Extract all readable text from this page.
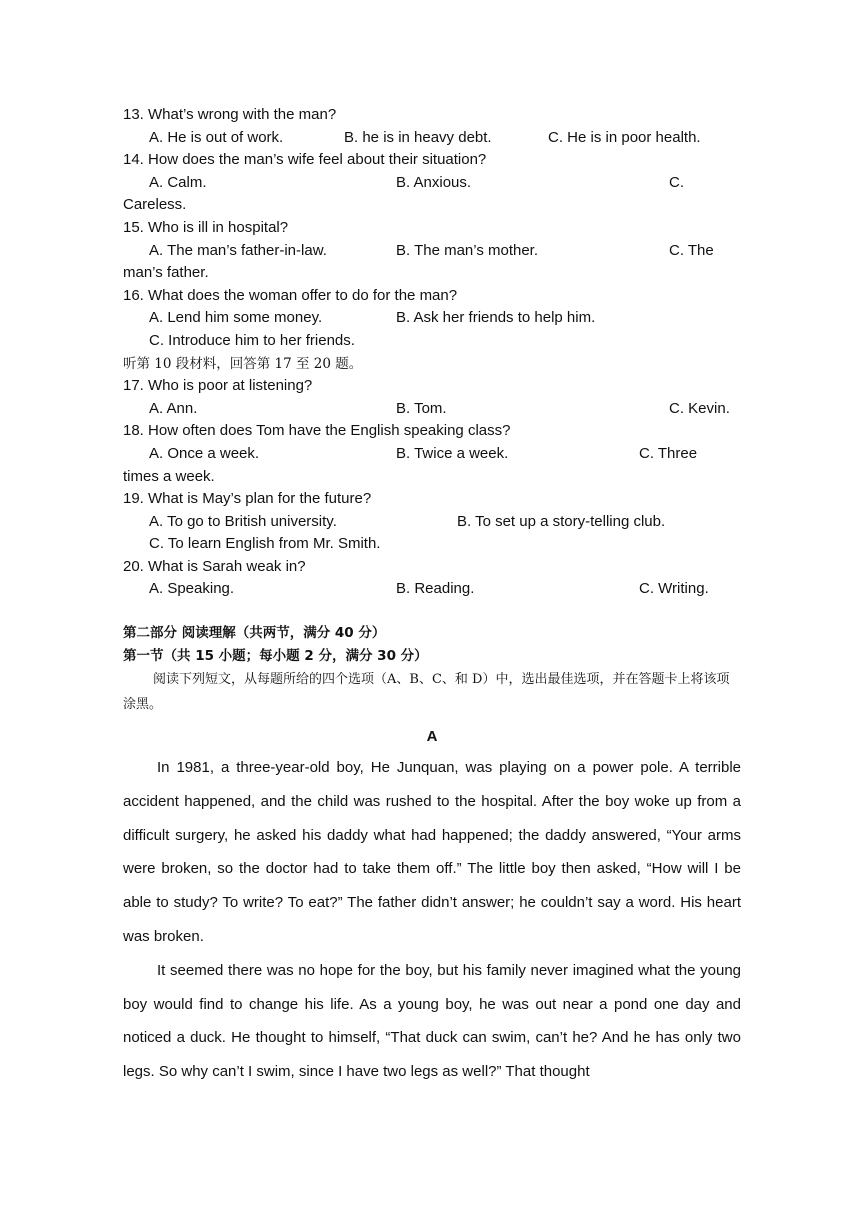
13. What’s wrong with the man?
A. He is out of work.	B. he is in heavy debt.	C. He is in poor health.
14. How does the man’s wife feel about their situation?
A. Calm.	B. Anxious.	C.
Careless.
15. Who is ill in hospital?
A. The man’s father-in-law.	B. The man’s mother.	C. The
man’s father.
16. What does the woman offer to do for the man?
A. Lend him some money.	B. Ask her friends to help him.
C. Introduce him to her friends.
听第 10 段材料，回答第 17 至 20 题。
17. Who is poor at listening?
A. Ann.	B. Tom.	C. Kevin.
18. How often does Tom have the English speaking class?
A. Once a week.	B. Twice a week.	C. Three
times a week.
19. What is May’s plan for the future?
A. To go to British university.	B. To set up a story-telling club.
C. To learn English from Mr. Smith.
20. What is Sarah weak in?
A. Speaking.	B. Reading.	C. Writing.
第二部分 阅读理解（共两节，满分 40 分）
第一节（共 15 小题；每小题 2 分，满分 30 分）
阅读下列短文，从每题所给的四个选项（A、B、C、和 D）中，选出最佳选项，并在答题卡上将该项涂黑。
A

In 1981, a three-year-old boy, He Junquan, was playing on a power pole. A terrible accident happened, and the child was rushed to the hospital. After the boy woke up from a difficult surgery, he asked his daddy what had happened; the daddy answered, “Your arms were broken, so the doctor had to take them off.” The little boy then asked, “How will I be able to study? To write? To eat?” The father didn’t answer; he couldn’t say a word. His heart was broken.

It seemed there was no hope for the boy, but his family never imagined what the young boy would find to change his life. As a young boy, he was out near a pond one day and noticed a duck. He thought to himself, “That duck can swim, can’t he? And he has only two legs. So why can’t I swim, since I have two legs as well?” That thought
